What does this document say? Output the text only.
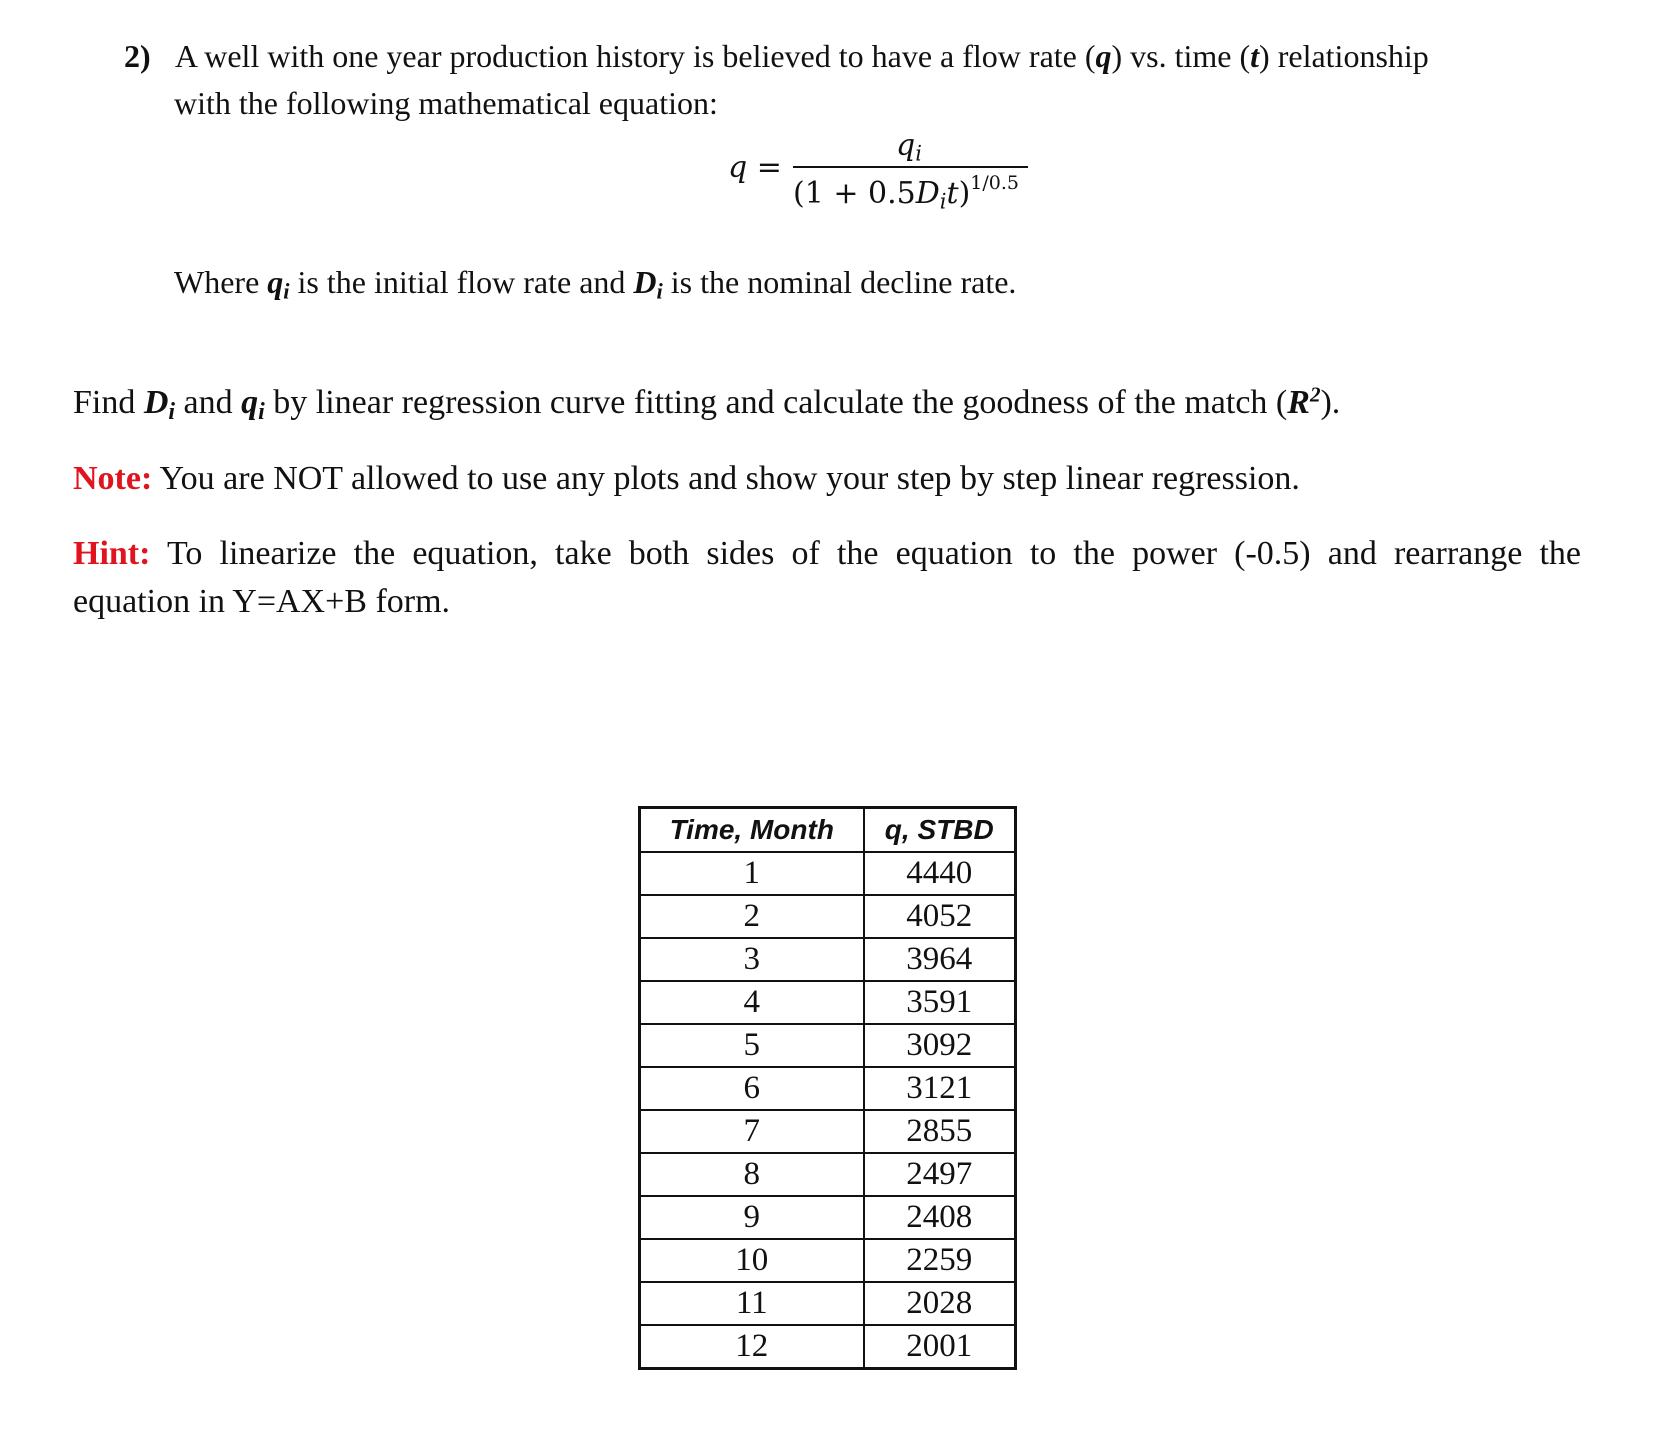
2) A well with one year production history is believed to have a flow rate (q) vs. time (t) relationship
with the following mathematical equation:
q =
$q_i$
$(1 + 0.5D_it)^{1/0.5}$
Where $q_i$ is the initial flow rate and $D_i$ is the nominal decline rate.
Find $D_i$ and $q_i$ by linear regression curve fitting and calculate the goodness of the match $(R^2)$.
Note: You are NOT allowed to use any plots and show your step by step linear regression.
Hint: To linearize the equation, take both sides of the equation to the power (-0.5) and rearrange the
equation in Y=AX+B form.
Time, Month	q, STBD
1	4440
2	4052
3	3964
4	3591
5	3092
6	3121
7	2855
8	2497
9	2408
10	2259
11	2028
12	2001
